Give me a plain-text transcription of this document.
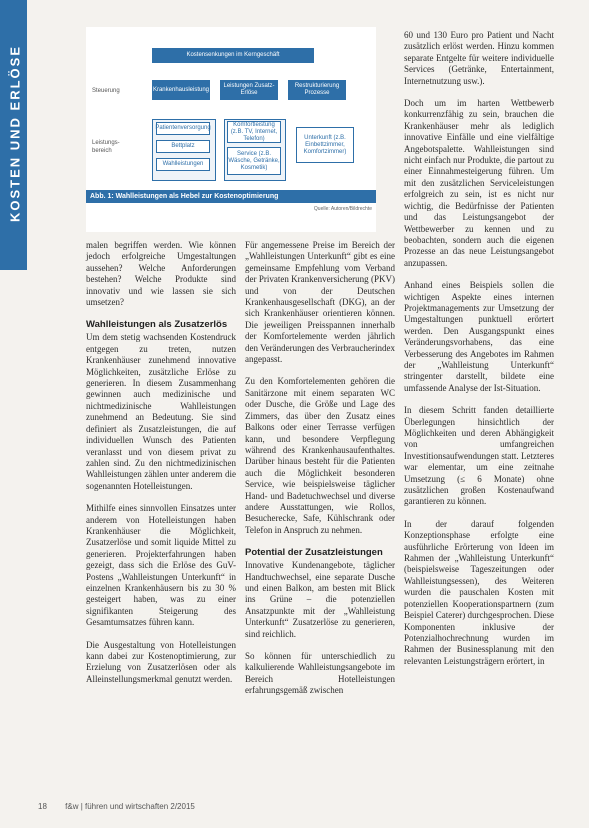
KOSTEN UND ERLÖSE	Kostensenkungen im Kerngeschäft
Steuerung
Leistungs-
bereich
Krankenhausleistung
Leistungen Zusatz-Erlöse
Restrukturierung Prozesse
Patientenversorgung
Bettplatz
Wahlleistungen
Komfortleistung (z.B. TV, Internet, Telefon)
Service (z.B. Wäsche, Getränke, Kosmetik)
Unterkunft (z.B. Einbettzimmer, Komfortzimmer)
Abb. 1: Wahlleistungen als Hebel zur Kostenoptimierung
Quelle: Autoren/Bildrechte

malen begriffen werden. Wie können jedoch erfolgreiche Umgestaltungen aussehen? Welche Anforderungen bestehen? Welche Produkte sind innovativ und wie lassen sie sich umsetzen?

Wahlleistungen als Zusatzerlös

Um dem stetig wachsenden Kostendruck entgegen zu treten, nutzen Krankenhäuser zunehmend innovative Möglichkeiten, zusätzliche Erlöse zu generieren. In diesem Zusammenhang gewinnen auch medizinische und nichtmedizinische Wahlleistungen zunehmend an Bedeutung. Sie sind definiert als Zusatzleistungen, die auf individuellen Wunsch des Patienten veranlasst und von diesem privat zu zahlen sind. Zu den nichtmedizinischen Wahlleistungen zählen unter anderem die sogenannten Hotelleistungen.

Mithilfe eines sinnvollen Einsatzes unter anderem von Hotelleistungen haben Krankenhäuser die Möglichkeit, Zusatzerlöse und somit liquide Mittel zu generieren. Projekterfahrungen haben gezeigt, dass sich die Erlöse des GuV-Postens „Wahlleistungen Unterkunft“ in einzelnen Krankenhäusern bis zu 30 % gesteigert haben, was zu einer signifikanten Steigerung des Gesamtumsatzes führen kann.

Die Ausgestaltung von Hotelleistungen kann dabei zur Kostenoptimierung, zur Erzielung von Zusatzerlösen oder als Alleinstellungsmerkmal genutzt werden.

Für angemessene Preise im Bereich der „Wahlleistungen Unterkunft“ gibt es eine gemeinsame Empfehlung vom Verband der Privaten Krankenversicherung (PKV) und von der Deutschen Krankenhausgesellschaft (DKG), an der sich Krankenhäuser orientieren können. Die jeweiligen Preisspannen innerhalb der Komfortelemente werden jährlich den Veränderungen des Verbraucherindex angepasst.

Zu den Komfortelementen gehören die Sanitärzone mit einem separaten WC oder Dusche, die Größe und Lage des Zimmers, das über den Zusatz eines Balkons oder einer Terrasse verfügen kann, und besondere Verpflegung während des Krankenhausaufenthaltes. Darüber hinaus besteht für die Patienten auch die Möglichkeit besonderen Service, wie beispielsweise täglicher Hand- und Badetuchwechsel und diverse andere Ausstattungen, wie Rollos, Besucherecke, Safe, Kühlschrank oder Telefon in Anspruch zu nehmen.

Potential der Zusatzleistungen

Innovative Kundenangebote, täglicher Handtuchwechsel, eine separate Dusche und einen Balkon, am besten mit Blick ins Grüne – die potenziellen Ansatzpunkte mit der „Wahlleistung Unterkunft“ Zusatzerlöse zu generieren, sind reichlich.

So können für unterschiedlich zu kalkulierende Wahlleistungsangebote im Bereich Hotelleistungen erfahrungsgemäß zwischen

60 und 130 Euro pro Patient und Nacht zusätzlich erlöst werden. Hinzu kommen separate Entgelte für weitere individuelle Services (Getränke, Entertainment, Internetnutzung usw.).

Doch um im harten Wettbewerb konkurrenzfähig zu sein, brauchen die Krankenhäuser mehr als lediglich innovative Einfälle und eine vielfältige Angebotspalette. Wahlleistungen sind nicht einfach nur Produkte, die partout zu einer Einnahmesteigerung führen. Um mit den zusätzlichen Serviceleistungen erfolgreich zu sein, ist es nicht nur wichtig, die Bedürfnisse der Patienten und das Leistungsangebot der Wettbewerber zu kennen und zu beobachten, sondern auch die eigenen Prozesse an das neue Leistungsangebot anzupassen.

Anhand eines Beispiels sollen die wichtigen Aspekte eines internen Projektmanagements zur Umsetzung der Umgestaltungen punktuell erörtert werden. Den Ausgangspunkt eines Veränderungsvorhabens, das eine Verbesserung des Angebotes im Rahmen der „Wahlleistung Unterkunft“ stringenter darstellt, bildete eine umfassende Analyse der Ist-Situation.

In diesem Schritt fanden detaillierte Überlegungen hinsichtlich der Möglichkeiten und deren Abhängigkeit von umfangreichen Investitionsaufwendungen statt. Letzteres war elementar, um eine zeitnahe Umsetzung (≤ 6 Monate) ohne zusätzlichen großen Kostenaufwand garantieren zu können.

In der darauf folgenden Konzeptionsphase erfolgte eine ausführliche Erörterung von Ideen im Rahmen der „Wahlleistung Unterkunft“ (beispielsweise Tageszeitungen oder Wahlleistungsessen), des Weiteren wurden die pauschalen Kosten mit potenziellen Kooperationspartnern (zum Beispiel Caterer) durchgesprochen. Diese Komponenten inklusive der Potenzialhochrechnung wurden im Rahmen der Businessplanung mit den relevanten Leistungsträgern erörtert, in

18 f&w | führen und wirtschaften 2/2015
